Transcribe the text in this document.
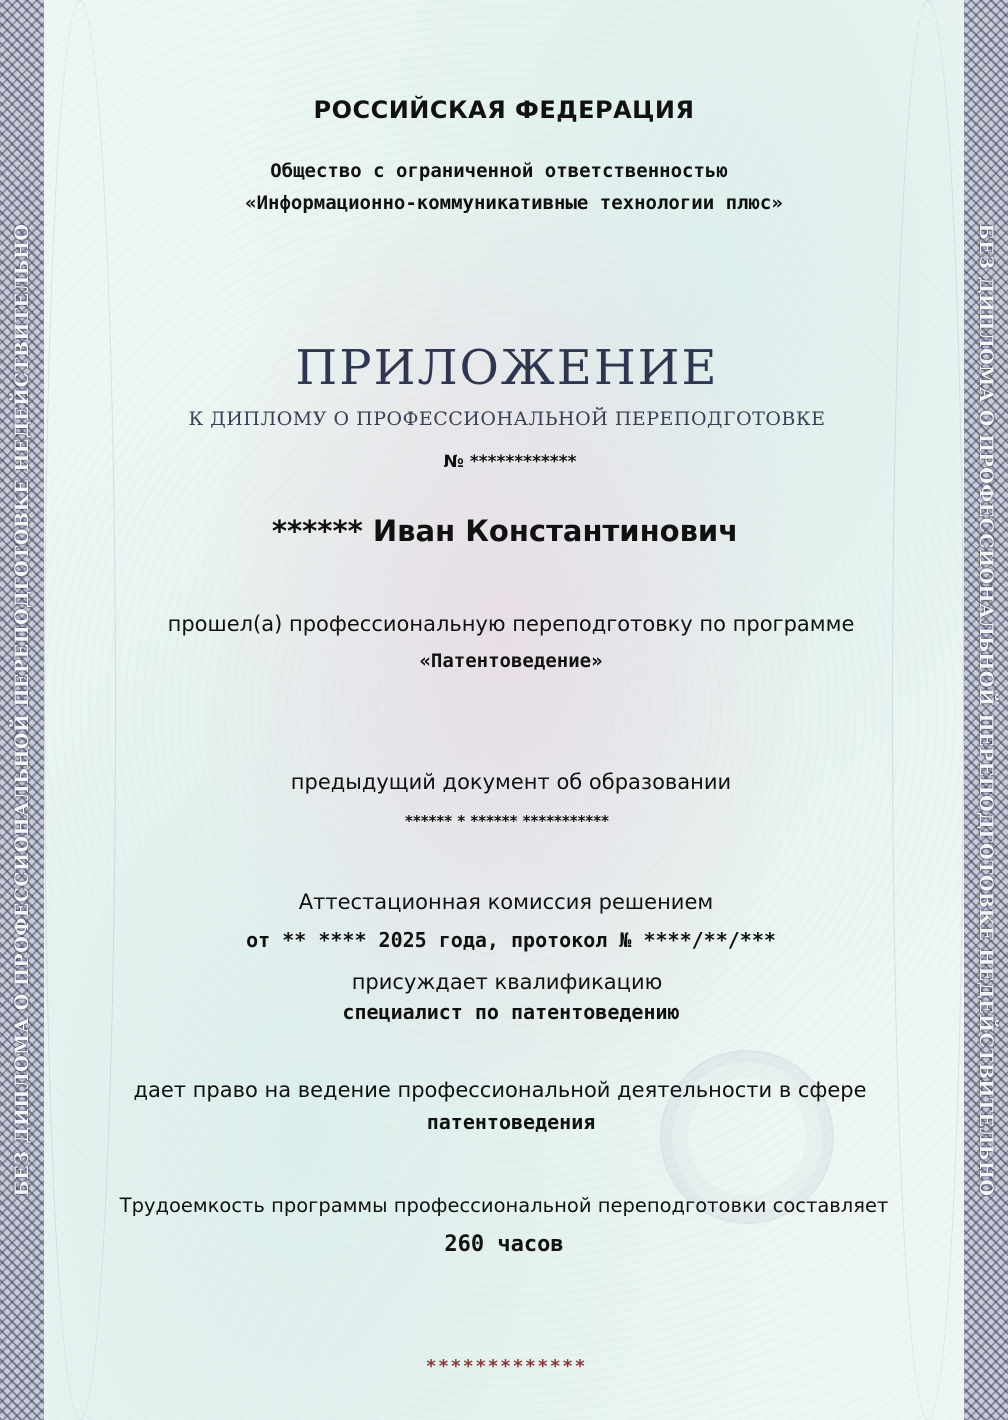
БЕЗ ДИПЛОМА О ПРОФЕССИОНАЛЬНОЙ ПЕРЕПОДГОТОВКЕ НЕДЕЙСТВИТЕЛЬНО	БЕЗ ДИПЛОМА О ПРОФЕССИОНАЛЬНОЙ ПЕРЕПОДГОТОВКЕ НЕДЕЙСТВИТЕЛЬНО
РОССИЙСКАЯ ФЕДЕРАЦИЯ
Общество с ограниченной ответственностью
«Информационно-коммуникативные технологии плюс»
ПРИЛОЖЕНИЕ
К ДИПЛОМУ О ПРОФЕССИОНАЛЬНОЙ ПЕРЕПОДГОТОВКЕ
№ ************
****** Иван Константинович
прошел(а) профессиональную переподготовку по программе
«Патентоведение»
предыдущий документ об образовании
****** * ****** ***********
Аттестационная комиссия решением
от ** **** 2025 года, протокол № ****/**/***
присуждает квалификацию
специалист по патентоведению
дает право на ведение профессиональной деятельности в сфере
патентоведения
Трудоемкость программы профессиональной переподготовки составляет
260 часов
*************
